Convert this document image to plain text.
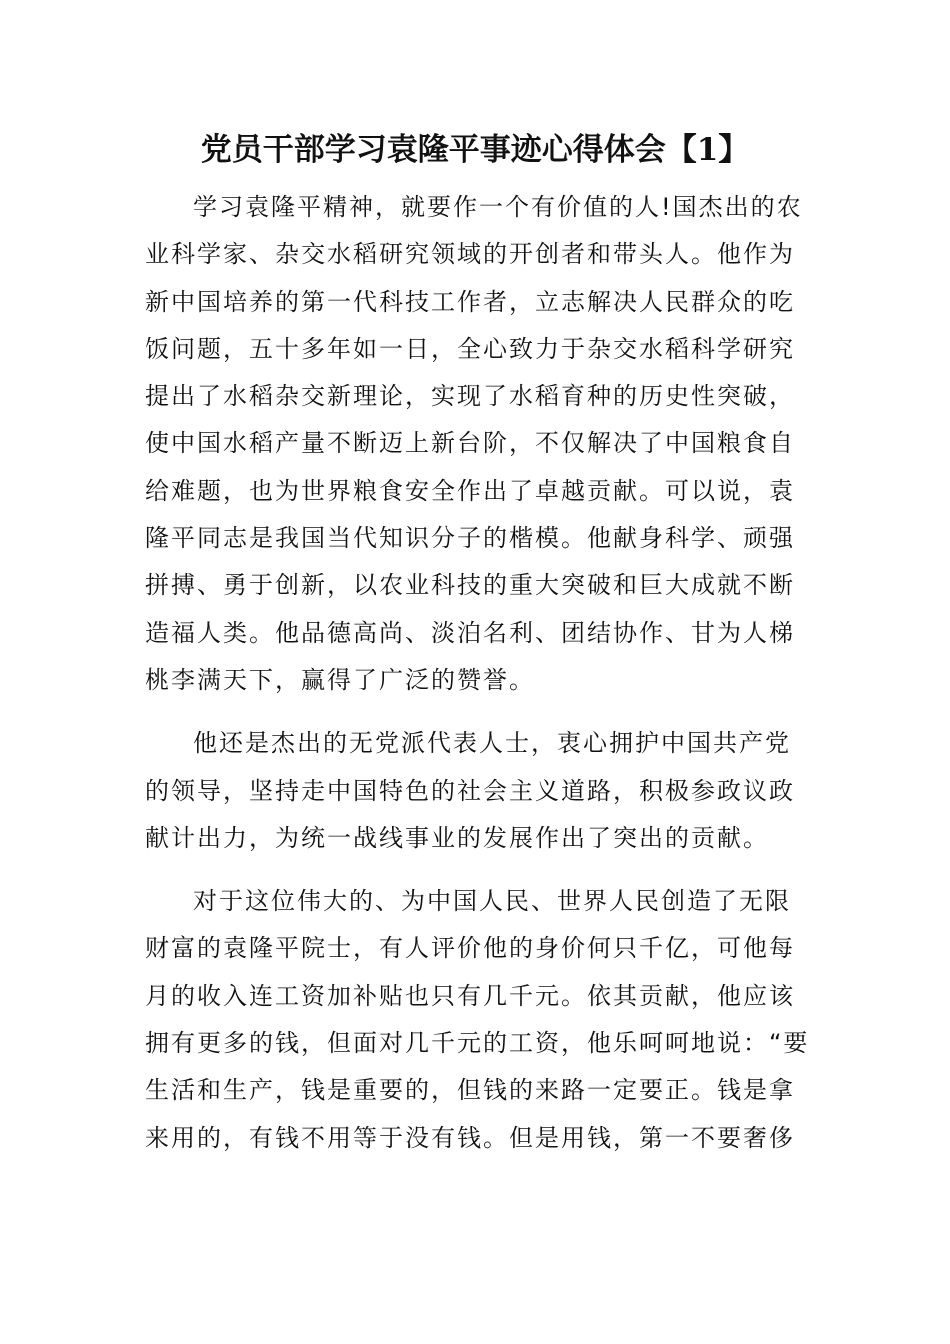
党员干部学习袁隆平事迹心得体会【1】

学习袁隆平精神，就要作一个有价值的人!国杰出的农
业科学家、杂交水稻研究领域的开创者和带头人。他作为
新中国培养的第一代科技工作者，立志解决人民群众的吃
饭问题，五十多年如一日，全心致力于杂交水稻科学研究
提出了水稻杂交新理论，实现了水稻育种的历史性突破，
使中国水稻产量不断迈上新台阶，不仅解决了中国粮食自
给难题，也为世界粮食安全作出了卓越贡献。可以说，袁
隆平同志是我国当代知识分子的楷模。他献身科学、顽强
拼搏、勇于创新，以农业科技的重大突破和巨大成就不断
造福人类。他品德高尚、淡泊名利、团结协作、甘为人梯
桃李满天下，赢得了广泛的赞誉。

他还是杰出的无党派代表人士，衷心拥护中国共产党
的领导，坚持走中国特色的社会主义道路，积极参政议政
献计出力，为统一战线事业的发展作出了突出的贡献。

对于这位伟大的、为中国人民、世界人民创造了无限
财富的袁隆平院士，有人评价他的身价何只千亿，可他每
月的收入连工资加补贴也只有几千元。依其贡献，他应该
拥有更多的钱，但面对几千元的工资，他乐呵呵地说：“要
生活和生产，钱是重要的，但钱的来路一定要正。钱是拿
来用的，有钱不用等于没有钱。但是用钱，第一不要奢侈
